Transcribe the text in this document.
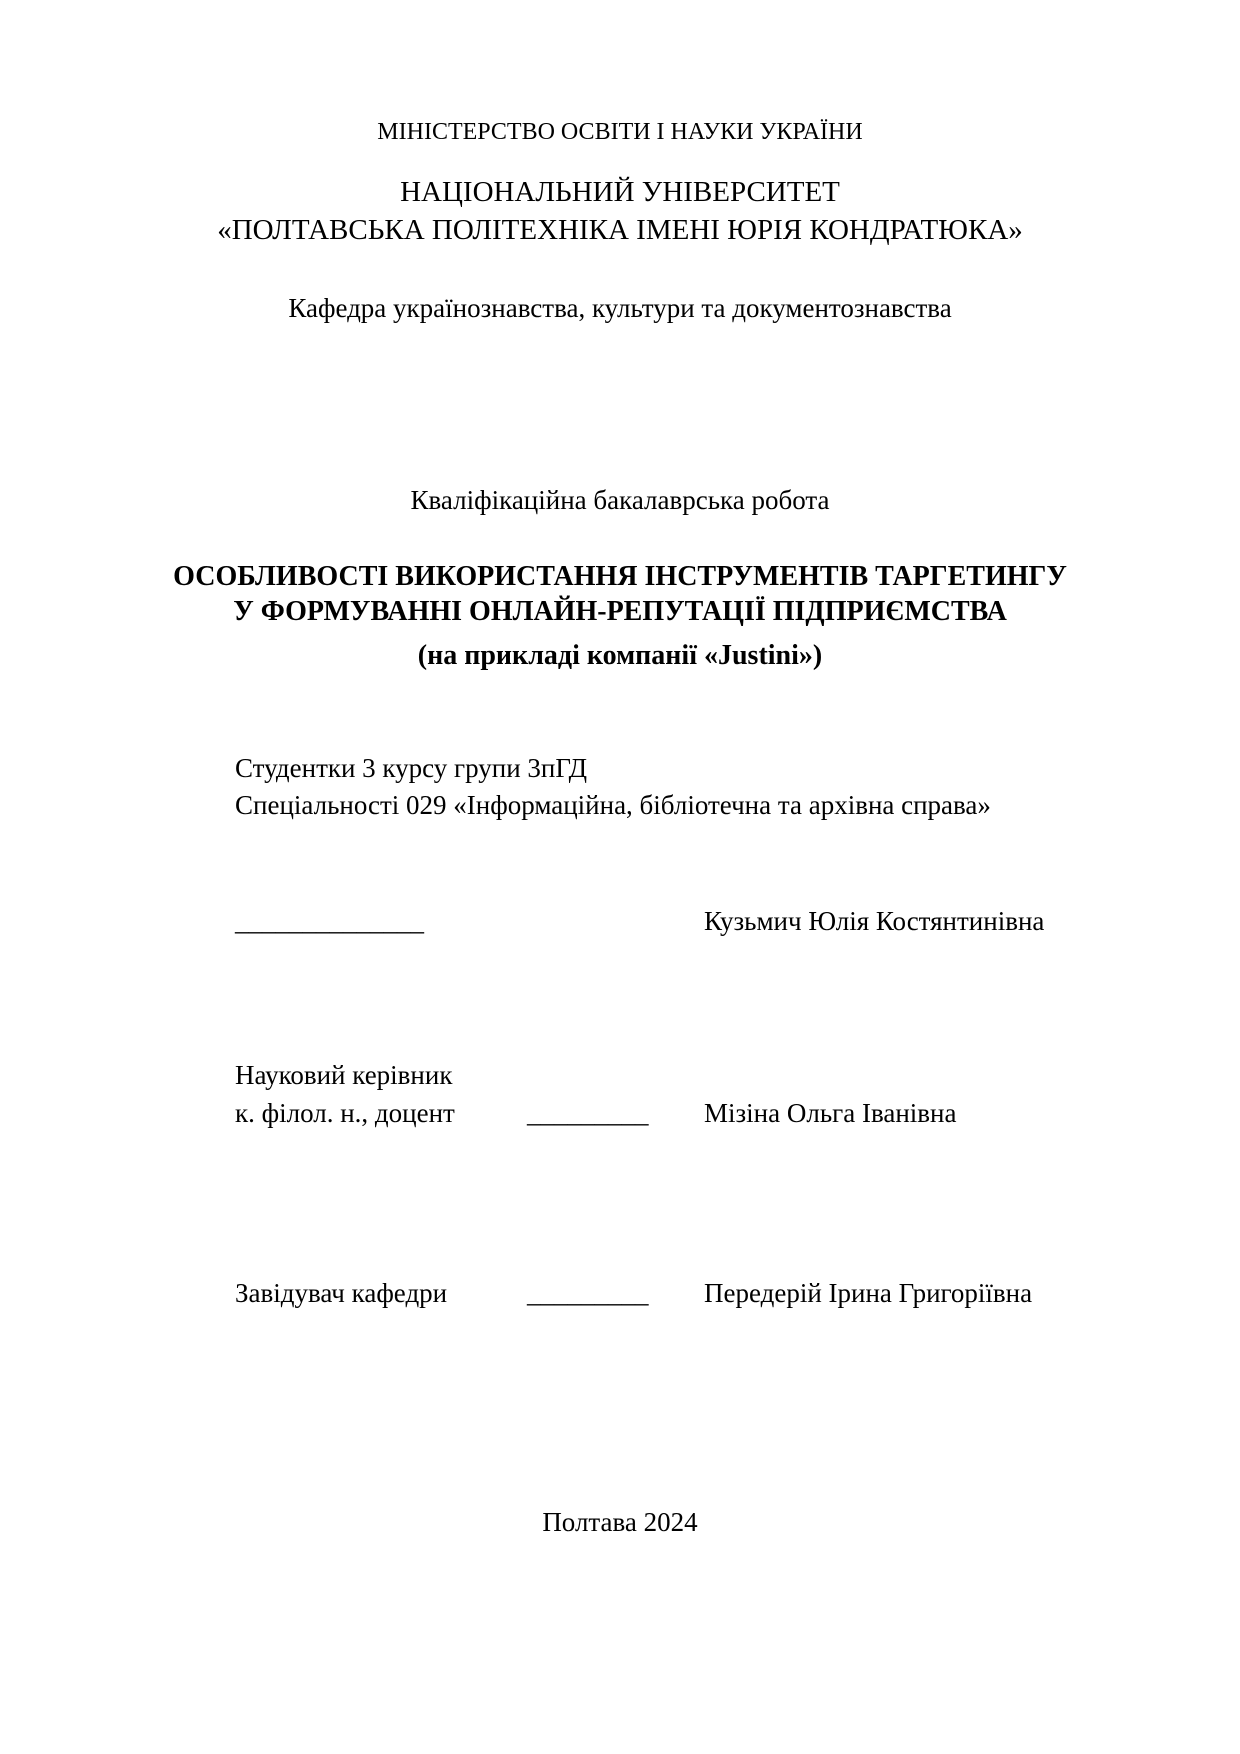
МІНІСТЕРСТВО ОСВІТИ І НАУКИ УКРАЇНИ
НАЦІОНАЛЬНИЙ УНІВЕРСИТЕТ
«ПОЛТАВСЬКА ПОЛІТЕХНІКА ІМЕНІ ЮРІЯ КОНДРАТЮКА»
Кафедра українознавства, культури та документознавства
Кваліфікаційна бакалаврська робота
ОСОБЛИВОСТІ ВИКОРИСТАННЯ ІНСТРУМЕНТІВ ТАРГЕТИНГУ
У ФОРМУВАННІ ОНЛАЙН-РЕПУТАЦІЇ ПІДПРИЄМСТВА
(на прикладі компанії «Justini»)
Студентки 3 курсу групи 3пГД
Спеціальності 029 «Інформаційна, бібліотечна та архівна справа»
______________	Кузьмич Юлія Костянтинівна
Науковий керівник
к. філол. н., доцент	_________ Мізіна Ольга Іванівна
Завідувач кафедри	_________ Передерій Ірина Григоріївна
Полтава 2024
